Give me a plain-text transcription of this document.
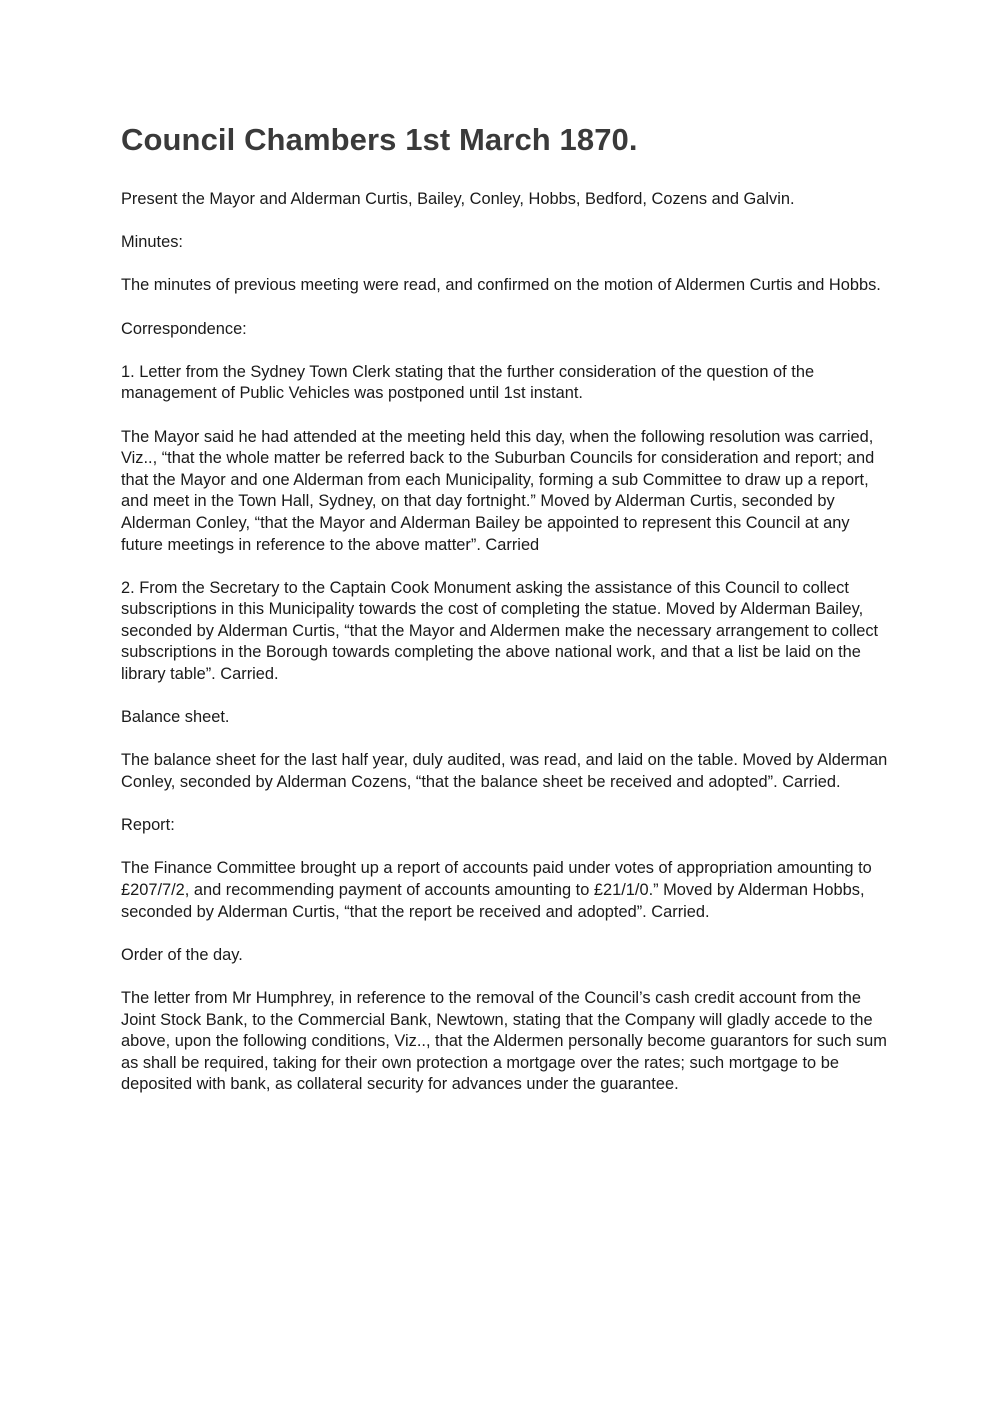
Council Chambers 1st March 1870.

Present the Mayor and Alderman Curtis, Bailey, Conley, Hobbs, Bedford, Cozens and Galvin.

Minutes:

The minutes of previous meeting were read, and confirmed on the motion of Aldermen Curtis and Hobbs.

Correspondence:

1. Letter from the Sydney Town Clerk stating that the further consideration of the question of the management of Public Vehicles was postponed until 1st instant.

The Mayor said he had attended at the meeting held this day, when the following resolution was carried, Viz.., “that the whole matter be referred back to the Suburban Councils for consideration and report; and that the Mayor and one Alderman from each Municipality, forming a sub Committee to draw up a report, and meet in the Town Hall, Sydney, on that day fortnight.” Moved by Alderman Curtis, seconded by Alderman Conley, “that the Mayor and Alderman Bailey be appointed to represent this Council at any future meetings in reference to the above matter”. Carried

2. From the Secretary to the Captain Cook Monument asking the assistance of this Council to collect subscriptions in this Municipality towards the cost of completing the statue. Moved by Alderman Bailey, seconded by Alderman Curtis, “that the Mayor and Aldermen make the necessary arrangement to collect subscriptions in the Borough towards completing the above national work, and that a list be laid on the library table”. Carried.

Balance sheet.

The balance sheet for the last half year, duly audited, was read, and laid on the table. Moved by Alderman Conley, seconded by Alderman Cozens, “that the balance sheet be received and adopted”. Carried.

Report:

The Finance Committee brought up a report of accounts paid under votes of appropriation amounting to £207/7/2, and recommending payment of accounts amounting to £21/1/0.” Moved by Alderman Hobbs, seconded by Alderman Curtis, “that the report be received and adopted”. Carried.

Order of the day.

The letter from Mr Humphrey, in reference to the removal of the Council’s cash credit account from the Joint Stock Bank, to the Commercial Bank, Newtown, stating that the Company will gladly accede to the above, upon the following conditions, Viz.., that the Aldermen personally become guarantors for such sum as shall be required, taking for their own protection a mortgage over the rates; such mortgage to be deposited with bank, as collateral security for advances under the guarantee.
